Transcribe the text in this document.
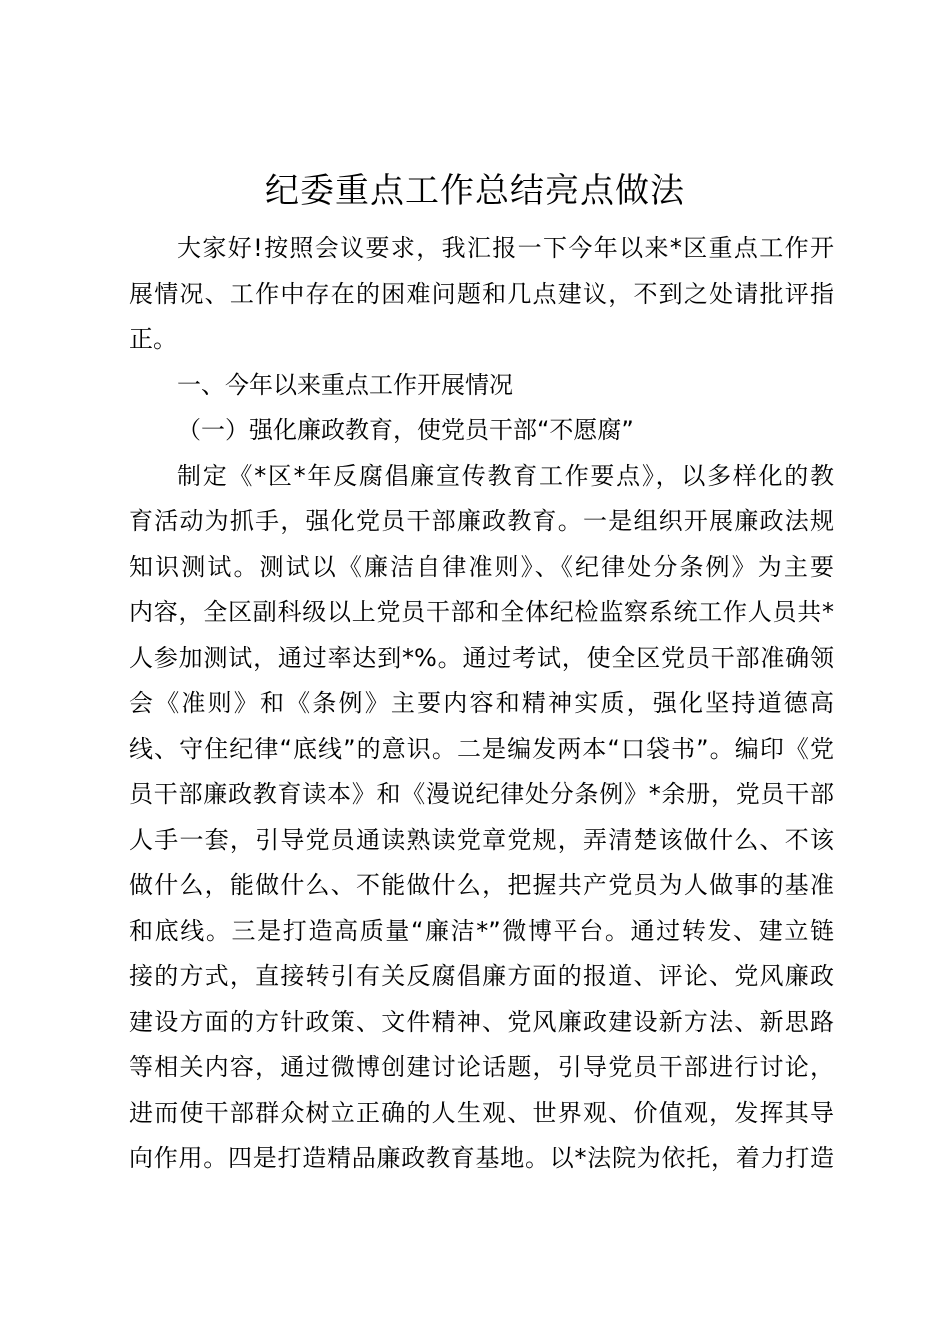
纪委重点工作总结亮点做法
大家好!按照会议要求，我汇报一下今年以来*区重点工作开
展情况、工作中存在的困难问题和几点建议，不到之处请批评指
正。
一、今年以来重点工作开展情况
（一）强化廉政教育，使党员干部“不愿腐”
制定《*区*年反腐倡廉宣传教育工作要点》，以多样化的教
育活动为抓手，强化党员干部廉政教育。一是组织开展廉政法规
知识测试。测试以《廉洁自律准则》、《纪律处分条例》为主要
内容，全区副科级以上党员干部和全体纪检监察系统工作人员共*
人参加测试，通过率达到*%。通过考试，使全区党员干部准确领
会《准则》和《条例》主要内容和精神实质，强化坚持道德高
线、守住纪律“底线”的意识。二是编发两本“口袋书”。编印《党
员干部廉政教育读本》和《漫说纪律处分条例》*余册，党员干部
人手一套，引导党员通读熟读党章党规，弄清楚该做什么、不该
做什么，能做什么、不能做什么，把握共产党员为人做事的基准
和底线。三是打造高质量“廉洁*”微博平台。通过转发、建立链
接的方式，直接转引有关反腐倡廉方面的报道、评论、党风廉政
建设方面的方针政策、文件精神、党风廉政建设新方法、新思路
等相关内容，通过微博创建讨论话题，引导党员干部进行讨论，
进而使干部群众树立正确的人生观、世界观、价值观，发挥其导
向作用。四是打造精品廉政教育基地。以*法院为依托，着力打造
